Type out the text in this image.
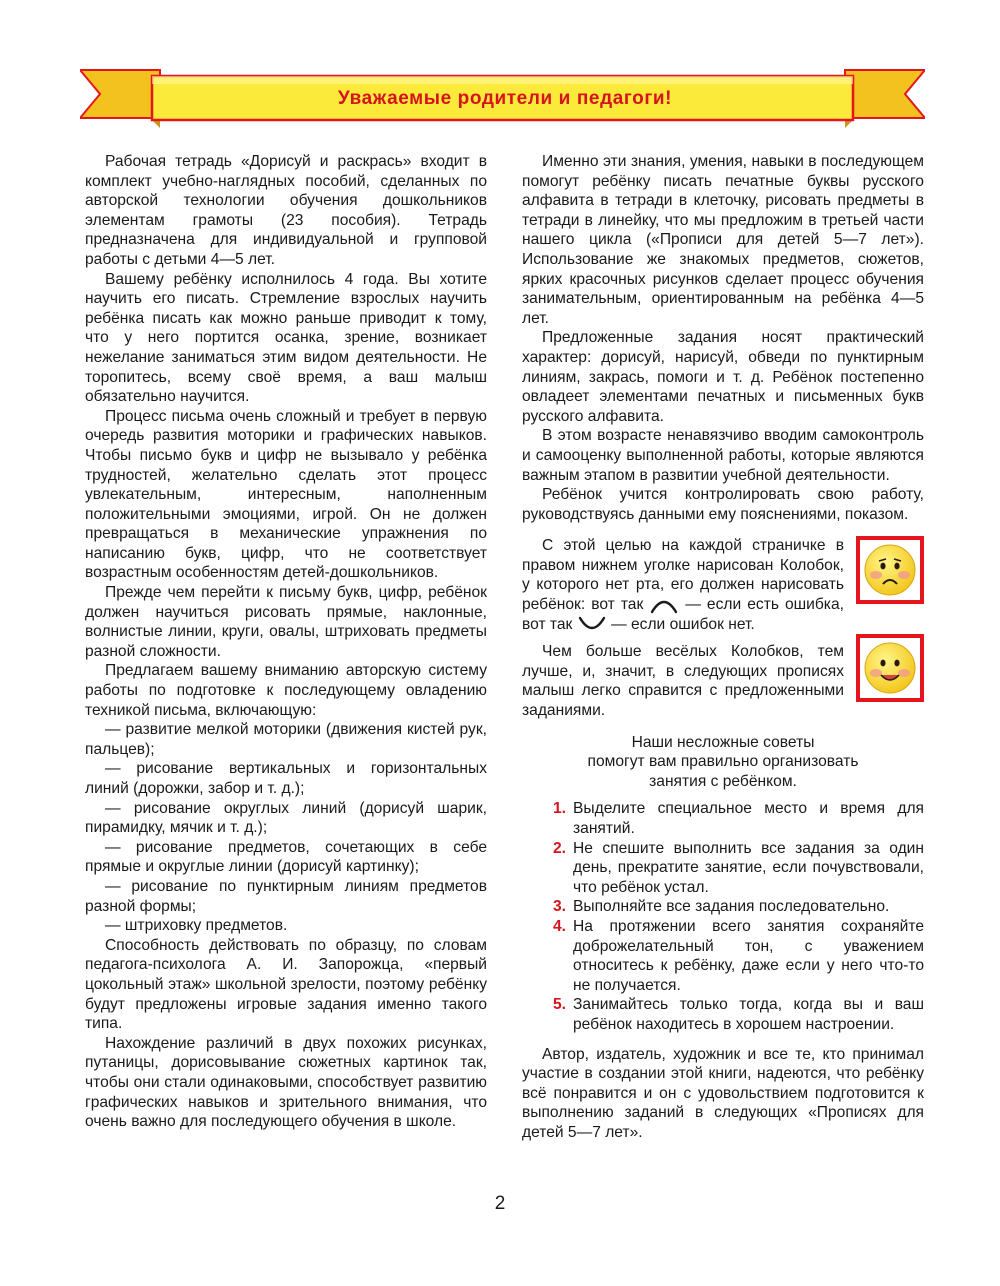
Уважаемые родители и педагоги!

Рабочая тетрадь «Дорисуй и раскрась» входит в комплект учебно-наглядных пособий, сделанных по авторской технологии обучения дошкольников элементам грамоты (23 пособия). Тетрадь предназначена для индивидуальной и групповой работы с детьми 4—5 лет.

Вашему ребёнку исполнилось 4 года. Вы хотите научить его писать. Стремление взрослых научить ребёнка писать как можно раньше приводит к тому, что у него портится осанка, зрение, возникает нежелание заниматься этим видом деятельности. Не торопитесь, всему своё время, а ваш малыш обязательно научится.

Процесс письма очень сложный и требует в первую очередь развития моторики и графических навыков. Чтобы письмо букв и цифр не вызывало у ребёнка трудностей, желательно сделать этот процесс увлекательным, интересным, наполненным положительными эмоциями, игрой. Он не должен превращаться в механические упражнения по написанию букв, цифр, что не соответствует возрастным особенностям детей-дошкольников.

Прежде чем перейти к письму букв, цифр, ребёнок должен научиться рисовать прямые, наклонные, волнистые линии, круги, овалы, штриховать предметы разной сложности.

Предлагаем вашему вниманию авторскую систему работы по подготовке к последующему овладению техникой письма, включающую:

— развитие мелкой моторики (движения кистей рук, пальцев);

— рисование вертикальных и горизонтальных линий (дорожки, забор и т. д.);

— рисование округлых линий (дорисуй шарик, пирамидку, мячик и т. д.);

— рисование предметов, сочетающих в себе прямые и округлые линии (дорисуй картинку);

— рисование по пунктирным линиям предметов разной формы;

— штриховку предметов.

Способность действовать по образцу, по словам педагога-психолога А. И. Запорожца, «первый цокольный этаж» школьной зрелости, поэтому ребёнку будут предложены игровые задания именно такого типа.

Нахождение различий в двух похожих рисунках, путаницы, дорисовывание сюжетных картинок так, чтобы они стали одинаковыми, способствует развитию графических навыков и зрительного внимания, что очень важно для последующего обучения в школе.

Именно эти знания, умения, навыки в последующем помогут ребёнку писать печатные буквы русского алфавита в тетради в клеточку, рисовать предметы в тетради в линейку, что мы предложим в третьей части нашего цикла («Прописи для детей 5—7 лет»). Использование же знакомых предметов, сюжетов, ярких красочных рисунков сделает процесс обучения занимательным, ориентированным на ребёнка 4—5 лет.

Предложенные задания носят практический характер: дорисуй, нарисуй, обведи по пунктирным линиям, закрась, помоги и т. д. Ребёнок постепенно овладеет элементами печатных и письменных букв русского алфавита.

В этом возрасте ненавязчиво вводим самоконтроль и самооценку выполненной работы, которые являются важным этапом в развитии учебной деятельности.

Ребёнок учится контролировать свою работу, руководствуясь данными ему пояснениями, показом.

С этой целью на каждой страничке в правом нижнем уголке нарисован Колобок, у которого нет рта, его должен нарисовать ребёнок: вот так	— если есть ошибка, вот так — если ошибок нет.

Чем больше весёлых Колобков, тем лучше, и, значит, в следующих прописях малыш легко справится с предложенными заданиями.

Наши несложные советы
помогут вам правильно организовать
занятия с ребёнком.

1. Выделите специальное место и время для занятий.
2. Не спешите выполнить все задания за один день, прекратите занятие, если почувствовали, что ребёнок устал.
3. Выполняйте все задания последовательно.
4. На протяжении всего занятия сохраняйте доброжелательный тон, с уважением относитесь к ребёнку, даже если у него что-то не получается.
5. Занимайтесь только тогда, когда вы и ваш ребёнок находитесь в хорошем настроении.

Автор, издатель, художник и все те, кто принимал участие в создании этой книги, надеются, что ребёнку всё понравится и он с удовольствием подготовится к выполнению заданий в следующих «Прописях для детей 5—7 лет».

2
